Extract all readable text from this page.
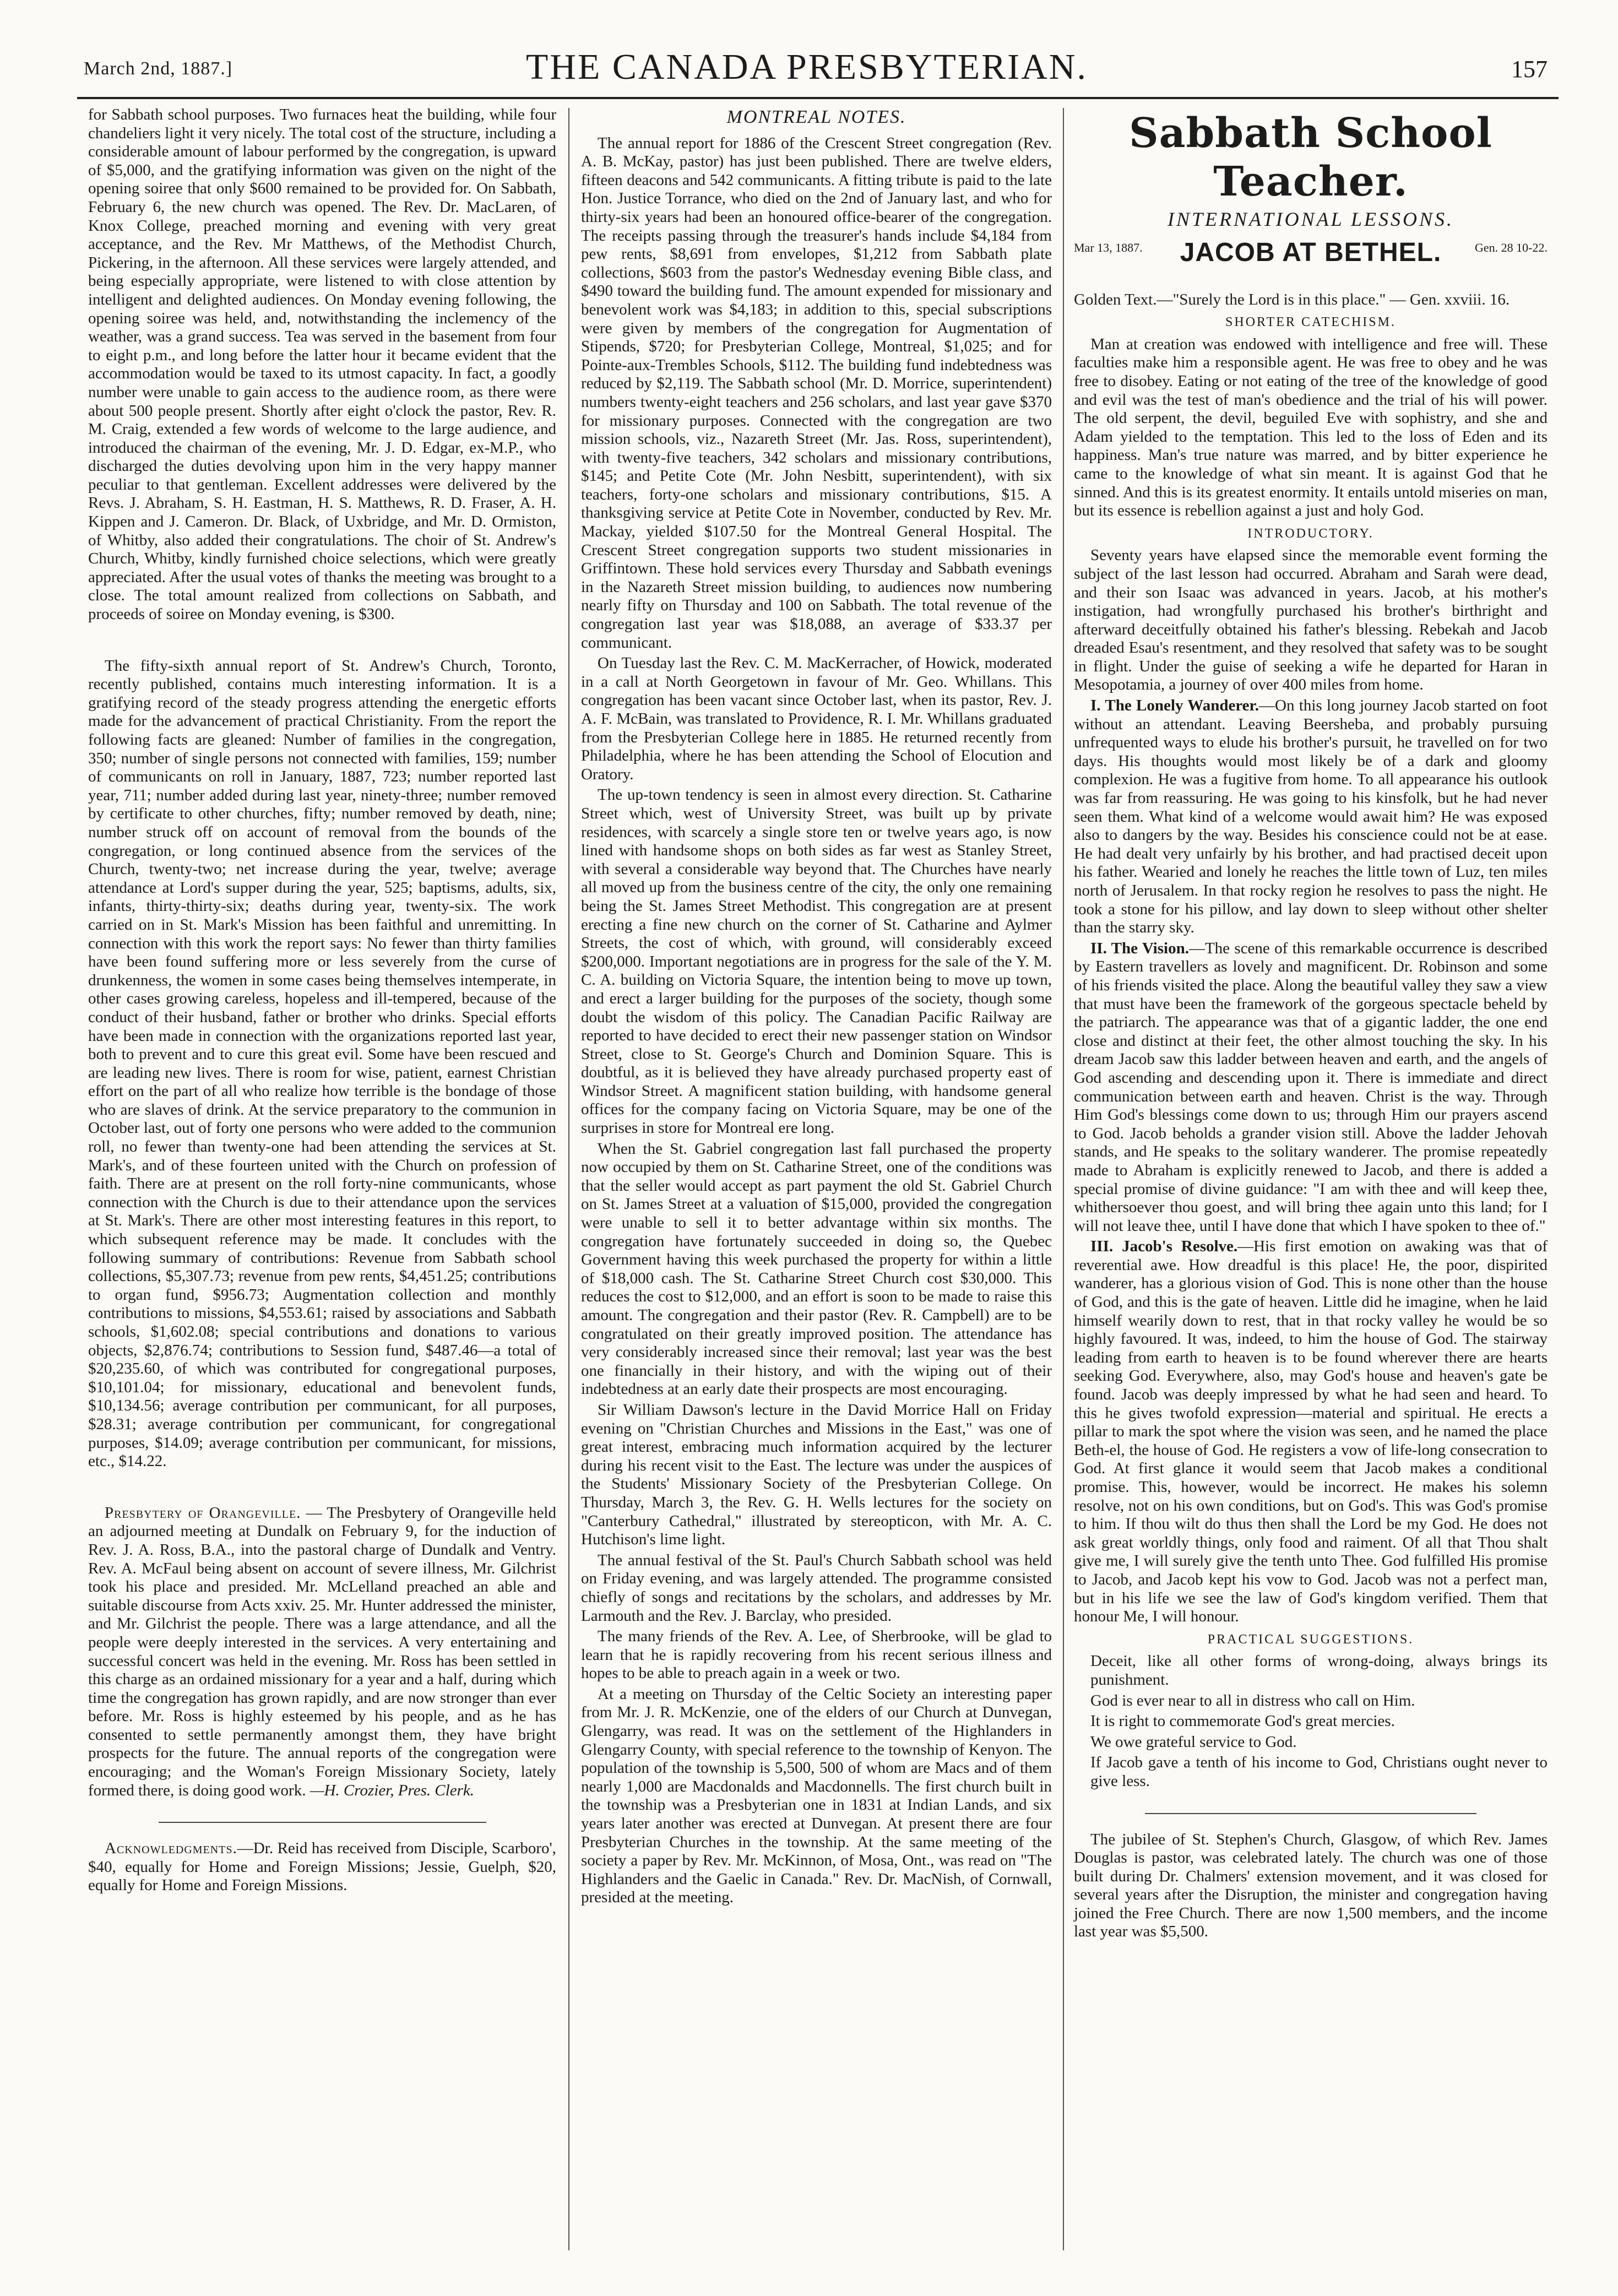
March 2nd, 1887.]	THE CANADA PRESBYTERIAN.	157

for Sabbath school purposes. Two furnaces heat the building, while four chandeliers light it very nicely. The total cost of the structure, including a considerable amount of labour performed by the congregation, is upward of $5,000, and the gratifying information was given on the night of the opening soiree that only $600 remained to be provided for. On Sabbath, February 6, the new church was opened. The Rev. Dr. MacLaren, of Knox College, preached morning and evening with very great acceptance, and the Rev. Mr Matthews, of the Methodist Church, Pickering, in the afternoon. All these services were largely attended, and being especially appropriate, were listened to with close attention by intelligent and delighted audiences. On Monday evening following, the opening soiree was held, and, notwithstanding the inclemency of the weather, was a grand success. Tea was served in the basement from four to eight p.m., and long before the latter hour it became evident that the accommodation would be taxed to its utmost capacity. In fact, a goodly number were unable to gain access to the audience room, as there were about 500 people present. Shortly after eight o'clock the pastor, Rev. R. M. Craig, extended a few words of welcome to the large audience, and introduced the chairman of the evening, Mr. J. D. Edgar, ex-M.P., who discharged the duties devolving upon him in the very happy manner peculiar to that gentleman. Excellent addresses were delivered by the Revs. J. Abraham, S. H. Eastman, H. S. Matthews, R. D. Fraser, A. H. Kippen and J. Cameron. Dr. Black, of Uxbridge, and Mr. D. Ormiston, of Whitby, also added their congratulations. The choir of St. Andrew's Church, Whitby, kindly furnished choice selections, which were greatly appreciated. After the usual votes of thanks the meeting was brought to a close. The total amount realized from collections on Sabbath, and proceeds of soiree on Monday evening, is $300.

The fifty-sixth annual report of St. Andrew's Church, Toronto, recently published, contains much interesting information. It is a gratifying record of the steady progress attending the energetic efforts made for the advancement of practical Christianity. From the report the following facts are gleaned: Number of families in the congregation, 350; number of single persons not connected with families, 159; number of communicants on roll in January, 1887, 723; number reported last year, 711; number added during last year, ninety-three; number removed by certificate to other churches, fifty; number removed by death, nine; number struck off on account of removal from the bounds of the congregation, or long continued absence from the services of the Church, twenty-two; net increase during the year, twelve; average attendance at Lord's supper during the year, 525; baptisms, adults, six, infants, thirty-thirty-six; deaths during year, twenty-six. The work carried on in St. Mark's Mission has been faithful and unremitting. In connection with this work the report says: No fewer than thirty families have been found suffering more or less severely from the curse of drunkenness, the women in some cases being themselves intemperate, in other cases growing careless, hopeless and ill-tempered, because of the conduct of their husband, father or brother who drinks. Special efforts have been made in connection with the organizations reported last year, both to prevent and to cure this great evil. Some have been rescued and are leading new lives. There is room for wise, patient, earnest Christian effort on the part of all who realize how terrible is the bondage of those who are slaves of drink. At the service preparatory to the communion in October last, out of forty one persons who were added to the communion roll, no fewer than twenty-one had been attending the services at St. Mark's, and of these fourteen united with the Church on profession of faith. There are at present on the roll forty-nine communicants, whose connection with the Church is due to their attendance upon the services at St. Mark's. There are other most interesting features in this report, to which subsequent reference may be made. It concludes with the following summary of contributions: Revenue from Sabbath school collections, $5,307.73; revenue from pew rents, $4,451.25; contributions to organ fund, $956.73; Augmentation collection and monthly contributions to missions, $4,553.61; raised by associations and Sabbath schools, $1,602.08; special contributions and donations to various objects, $2,876.74; contributions to Session fund, $487.46—a total of $20,235.60, of which was contributed for congregational purposes, $10,101.04; for missionary, educational and benevolent funds, $10,134.56; average contribution per communicant, for all purposes, $28.31; average contribution per communicant, for congregational purposes, $14.09; average contribution per communicant, for missions, etc., $14.22.

Presbytery of Orangeville. — The Presbytery of Orangeville held an adjourned meeting at Dundalk on February 9, for the induction of Rev. J. A. Ross, B.A., into the pastoral charge of Dundalk and Ventry. Rev. A. McFaul being absent on account of severe illness, Mr. Gilchrist took his place and presided. Mr. McLelland preached an able and suitable discourse from Acts xxiv. 25. Mr. Hunter addressed the minister, and Mr. Gilchrist the people. There was a large attendance, and all the people were deeply interested in the services. A very entertaining and successful concert was held in the evening. Mr. Ross has been settled in this charge as an ordained missionary for a year and a half, during which time the congregation has grown rapidly, and are now stronger than ever before. Mr. Ross is highly esteemed by his people, and as he has consented to settle permanently amongst them, they have bright prospects for the future. The annual reports of the congregation were encouraging; and the Woman's Foreign Missionary Society, lately formed there, is doing good work. —H. Crozier, Pres. Clerk.

Acknowledgments.—Dr. Reid has received from Disciple, Scarboro', $40, equally for Home and Foreign Missions; Jessie, Guelph, $20, equally for Home and Foreign Missions.

MONTREAL NOTES.

The annual report for 1886 of the Crescent Street congregation (Rev. A. B. McKay, pastor) has just been published. There are twelve elders, fifteen deacons and 542 communicants. A fitting tribute is paid to the late Hon. Justice Torrance, who died on the 2nd of January last, and who for thirty-six years had been an honoured office-bearer of the congregation. The receipts passing through the treasurer's hands include $4,184 from pew rents, $8,691 from envelopes, $1,212 from Sabbath plate collections, $603 from the pastor's Wednesday evening Bible class, and $490 toward the building fund. The amount expended for missionary and benevolent work was $4,183; in addition to this, special subscriptions were given by members of the congregation for Augmentation of Stipends, $720; for Presbyterian College, Montreal, $1,025; and for Pointe-aux-Trembles Schools, $112. The building fund indebtedness was reduced by $2,119. The Sabbath school (Mr. D. Morrice, superintendent) numbers twenty-eight teachers and 256 scholars, and last year gave $370 for missionary purposes. Connected with the congregation are two mission schools, viz., Nazareth Street (Mr. Jas. Ross, superintendent), with twenty-five teachers, 342 scholars and missionary contributions, $145; and Petite Cote (Mr. John Nesbitt, superintendent), with six teachers, forty-one scholars and missionary contributions, $15. A thanksgiving service at Petite Cote in November, conducted by Rev. Mr. Mackay, yielded $107.50 for the Montreal General Hospital. The Crescent Street congregation supports two student missionaries in Griffintown. These hold services every Thursday and Sabbath evenings in the Nazareth Street mission building, to audiences now numbering nearly fifty on Thursday and 100 on Sabbath. The total revenue of the congregation last year was $18,088, an average of $33.37 per communicant.

On Tuesday last the Rev. C. M. MacKerracher, of Howick, moderated in a call at North Georgetown in favour of Mr. Geo. Whillans. This congregation has been vacant since October last, when its pastor, Rev. J. A. F. McBain, was translated to Providence, R. I. Mr. Whillans graduated from the Presbyterian College here in 1885. He returned recently from Philadelphia, where he has been attending the School of Elocution and Oratory.

The up-town tendency is seen in almost every direction. St. Catharine Street which, west of University Street, was built up by private residences, with scarcely a single store ten or twelve years ago, is now lined with handsome shops on both sides as far west as Stanley Street, with several a considerable way beyond that. The Churches have nearly all moved up from the business centre of the city, the only one remaining being the St. James Street Methodist. This congregation are at present erecting a fine new church on the corner of St. Catharine and Aylmer Streets, the cost of which, with ground, will considerably exceed $200,000. Important negotiations are in progress for the sale of the Y. M. C. A. building on Victoria Square, the intention being to move up town, and erect a larger building for the purposes of the society, though some doubt the wisdom of this policy. The Canadian Pacific Railway are reported to have decided to erect their new passenger station on Windsor Street, close to St. George's Church and Dominion Square. This is doubtful, as it is believed they have already purchased property east of Windsor Street. A magnificent station building, with handsome general offices for the company facing on Victoria Square, may be one of the surprises in store for Montreal ere long.

When the St. Gabriel congregation last fall purchased the property now occupied by them on St. Catharine Street, one of the conditions was that the seller would accept as part payment the old St. Gabriel Church on St. James Street at a valuation of $15,000, provided the congregation were unable to sell it to better advantage within six months. The congregation have fortunately succeeded in doing so, the Quebec Government having this week purchased the property for within a little of $18,000 cash. The St. Catharine Street Church cost $30,000. This reduces the cost to $12,000, and an effort is soon to be made to raise this amount. The congregation and their pastor (Rev. R. Campbell) are to be congratulated on their greatly improved position. The attendance has very considerably increased since their removal; last year was the best one financially in their history, and with the wiping out of their indebtedness at an early date their prospects are most encouraging.

Sir William Dawson's lecture in the David Morrice Hall on Friday evening on "Christian Churches and Missions in the East," was one of great interest, embracing much information acquired by the lecturer during his recent visit to the East. The lecture was under the auspices of the Students' Missionary Society of the Presbyterian College. On Thursday, March 3, the Rev. G. H. Wells lectures for the society on "Canterbury Cathedral," illustrated by stereopticon, with Mr. A. C. Hutchison's lime light.

The annual festival of the St. Paul's Church Sabbath school was held on Friday evening, and was largely attended. The programme consisted chiefly of songs and recitations by the scholars, and addresses by Mr. Larmouth and the Rev. J. Barclay, who presided.

The many friends of the Rev. A. Lee, of Sherbrooke, will be glad to learn that he is rapidly recovering from his recent serious illness and hopes to be able to preach again in a week or two.

At a meeting on Thursday of the Celtic Society an interesting paper from Mr. J. R. McKenzie, one of the elders of our Church at Dunvegan, Glengarry, was read. It was on the settlement of the Highlanders in Glengarry County, with special reference to the township of Kenyon. The population of the township is 5,500, 500 of whom are Macs and of them nearly 1,000 are Macdonalds and Macdonnells. The first church built in the township was a Presbyterian one in 1831 at Indian Lands, and six years later another was erected at Dunvegan. At present there are four Presbyterian Churches in the township. At the same meeting of the society a paper by Rev. Mr. McKinnon, of Mosa, Ont., was read on "The Highlanders and the Gaelic in Canada." Rev. Dr. MacNish, of Cornwall, presided at the meeting.

Sabbath School Teacher.
INTERNATIONAL LESSONS.
Mar 13, 1887.	JACOB AT BETHEL.	Gen. 28 10-22.

Golden Text.—"Surely the Lord is in this place." — Gen. xxviii. 16.

SHORTER CATECHISM.

Man at creation was endowed with intelligence and free will. These faculties make him a responsible agent. He was free to obey and he was free to disobey. Eating or not eating of the tree of the knowledge of good and evil was the test of man's obedience and the trial of his will power. The old serpent, the devil, beguiled Eve with sophistry, and she and Adam yielded to the temptation. This led to the loss of Eden and its happiness. Man's true nature was marred, and by bitter experience he came to the knowledge of what sin meant. It is against God that he sinned. And this is its greatest enormity. It entails untold miseries on man, but its essence is rebellion against a just and holy God.

INTRODUCTORY.

Seventy years have elapsed since the memorable event forming the subject of the last lesson had occurred. Abraham and Sarah were dead, and their son Isaac was advanced in years. Jacob, at his mother's instigation, had wrongfully purchased his brother's birthright and afterward deceitfully obtained his father's blessing. Rebekah and Jacob dreaded Esau's resentment, and they resolved that safety was to be sought in flight. Under the guise of seeking a wife he departed for Haran in Mesopotamia, a journey of over 400 miles from home.

I. The Lonely Wanderer.—On this long journey Jacob started on foot without an attendant. Leaving Beersheba, and probably pursuing unfrequented ways to elude his brother's pursuit, he travelled on for two days. His thoughts would most likely be of a dark and gloomy complexion. He was a fugitive from home. To all appearance his outlook was far from reassuring. He was going to his kinsfolk, but he had never seen them. What kind of a welcome would await him? He was exposed also to dangers by the way. Besides his conscience could not be at ease. He had dealt very unfairly by his brother, and had practised deceit upon his father. Wearied and lonely he reaches the little town of Luz, ten miles north of Jerusalem. In that rocky region he resolves to pass the night. He took a stone for his pillow, and lay down to sleep without other shelter than the starry sky.

II. The Vision.—The scene of this remarkable occurrence is described by Eastern travellers as lovely and magnificent. Dr. Robinson and some of his friends visited the place. Along the beautiful valley they saw a view that must have been the framework of the gorgeous spectacle beheld by the patriarch. The appearance was that of a gigantic ladder, the one end close and distinct at their feet, the other almost touching the sky. In his dream Jacob saw this ladder between heaven and earth, and the angels of God ascending and descending upon it. There is immediate and direct communication between earth and heaven. Christ is the way. Through Him God's blessings come down to us; through Him our prayers ascend to God. Jacob beholds a grander vision still. Above the ladder Jehovah stands, and He speaks to the solitary wanderer. The promise repeatedly made to Abraham is explicitly renewed to Jacob, and there is added a special promise of divine guidance: "I am with thee and will keep thee, whithersoever thou goest, and will bring thee again unto this land; for I will not leave thee, until I have done that which I have spoken to thee of."

III. Jacob's Resolve.—His first emotion on awaking was that of reverential awe. How dreadful is this place! He, the poor, dispirited wanderer, has a glorious vision of God. This is none other than the house of God, and this is the gate of heaven. Little did he imagine, when he laid himself wearily down to rest, that in that rocky valley he would be so highly favoured. It was, indeed, to him the house of God. The stairway leading from earth to heaven is to be found wherever there are hearts seeking God. Everywhere, also, may God's house and heaven's gate be found. Jacob was deeply impressed by what he had seen and heard. To this he gives twofold expression—material and spiritual. He erects a pillar to mark the spot where the vision was seen, and he named the place Beth-el, the house of God. He registers a vow of life-long consecration to God. At first glance it would seem that Jacob makes a conditional promise. This, however, would be incorrect. He makes his solemn resolve, not on his own conditions, but on God's. This was God's promise to him. If thou wilt do thus then shall the Lord be my God. He does not ask great worldly things, only food and raiment. Of all that Thou shalt give me, I will surely give the tenth unto Thee. God fulfilled His promise to Jacob, and Jacob kept his vow to God. Jacob was not a perfect man, but in his life we see the law of God's kingdom verified. Them that honour Me, I will honour.

PRACTICAL SUGGESTIONS.

Deceit, like all other forms of wrong-doing, always brings its punishment.

God is ever near to all in distress who call on Him.

It is right to commemorate God's great mercies.

We owe grateful service to God.

If Jacob gave a tenth of his income to God, Christians ought never to give less.

The jubilee of St. Stephen's Church, Glasgow, of which Rev. James Douglas is pastor, was celebrated lately. The church was one of those built during Dr. Chalmers' extension movement, and it was closed for several years after the Disruption, the minister and congregation having joined the Free Church. There are now 1,500 members, and the income last year was $5,500.
